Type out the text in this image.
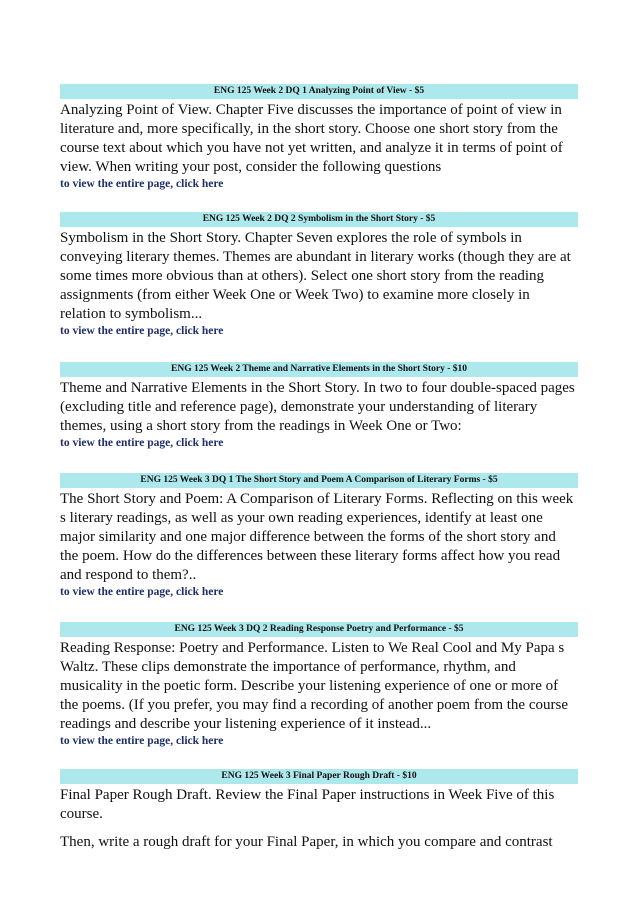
ENG 125 Week 2 DQ 1 Analyzing Point of View - $5

Analyzing Point of View. Chapter Five discusses the importance of point of view in literature and, more specifically, in the short story. Choose one short story from the course text about which you have not yet written, and analyze it in terms of point of view. When writing your post, consider the following questions

to view the entire page, click here
ENG 125 Week 2 DQ 2 Symbolism in the Short Story - $5

Symbolism in the Short Story. Chapter Seven explores the role of symbols in conveying literary themes. Themes are abundant in literary works (though they are at some times more obvious than at others). Select one short story from the reading assignments (from either Week One or Week Two) to examine more closely in relation to symbolism...

to view the entire page, click here
ENG 125 Week 2 Theme and Narrative Elements in the Short Story - $10

Theme and Narrative Elements in the Short Story. In two to four double-spaced pages (excluding title and reference page), demonstrate your understanding of literary themes, using a short story from the readings in Week One or Two:

to view the entire page, click here
ENG 125 Week 3 DQ 1 The Short Story and Poem A Comparison of Literary Forms - $5

The Short Story and Poem: A Comparison of Literary Forms. Reflecting on this week s literary readings, as well as your own reading experiences, identify at least one major similarity and one major difference between the forms of the short story and the poem. How do the differences between these literary forms affect how you read and respond to them?..

to view the entire page, click here
ENG 125 Week 3 DQ 2 Reading Response Poetry and Performance - $5

Reading Response: Poetry and Performance. Listen to We Real Cool and My Papa s Waltz. These clips demonstrate the importance of performance, rhythm, and musicality in the poetic form. Describe your listening experience of one or more of the poems. (If you prefer, you may find a recording of another poem from the course readings and describe your listening experience of it instead...

to view the entire page, click here
ENG 125 Week 3 Final Paper Rough Draft - $10

Final Paper Rough Draft. Review the Final Paper instructions in Week Five of this course.

Then, write a rough draft for your Final Paper, in which you compare and contrast
